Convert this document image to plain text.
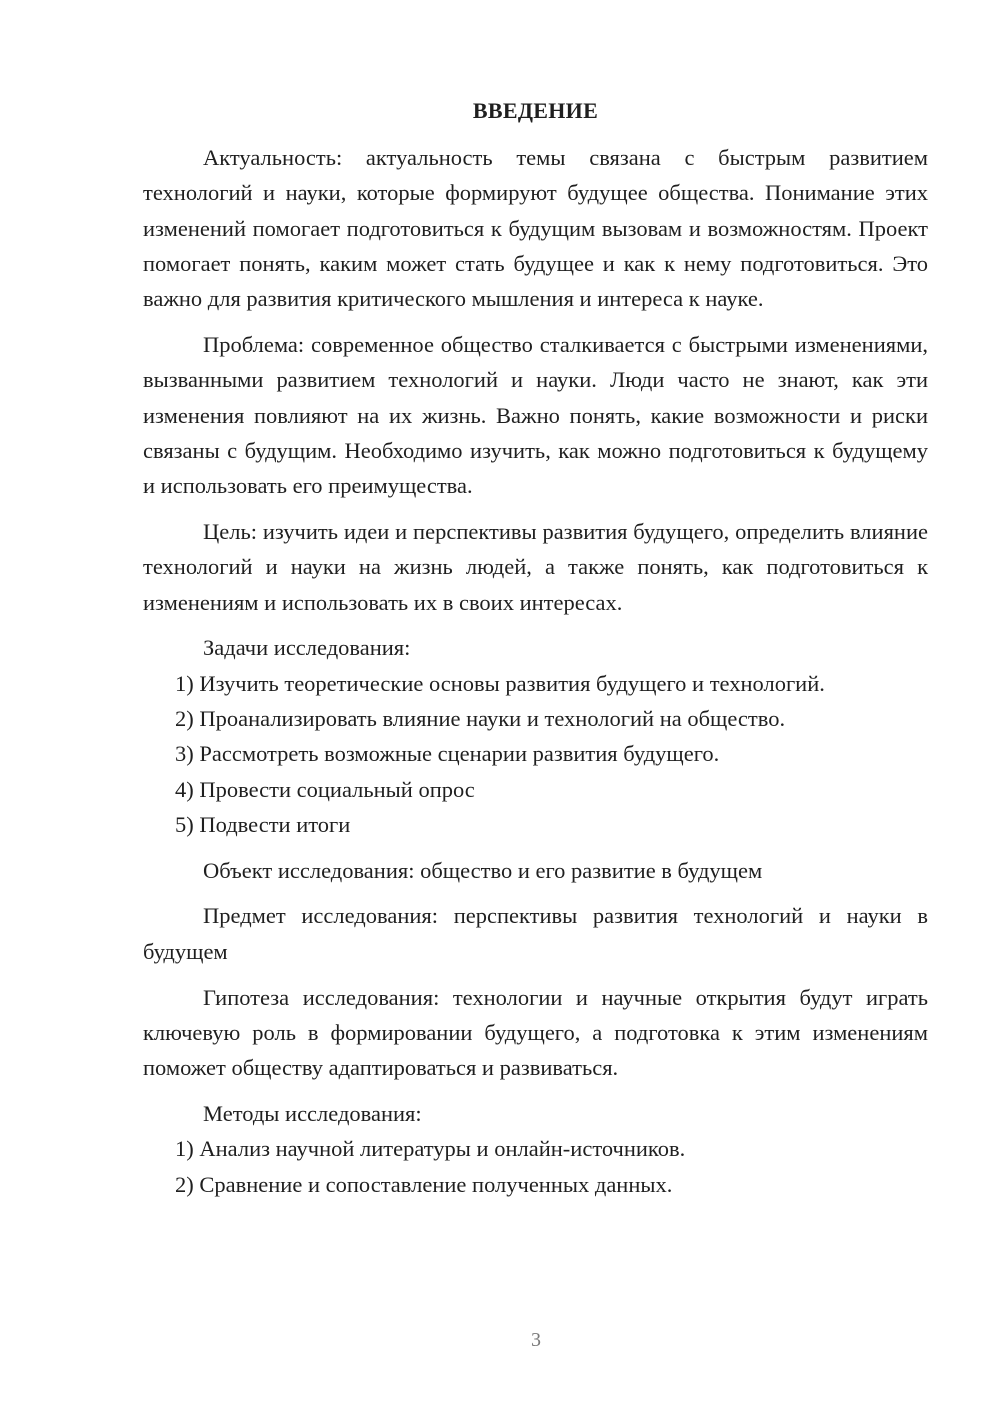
ВВЕДЕНИЕ

Актуальность: актуальность темы связана с быстрым развитием технологий и науки, которые формируют будущее общества. Понимание этих изменений помогает подготовиться к будущим вызовам и возможностям. Проект помогает понять, каким может стать будущее и как к нему подготовиться. Это важно для развития критического мышления и интереса к науке.

Проблема: современное общество сталкивается с быстрыми изменениями, вызванными развитием технологий и науки. Люди часто не знают, как эти изменения повлияют на их жизнь. Важно понять, какие возможности и риски связаны с будущим. Необходимо изучить, как можно подготовиться к будущему и использовать его преимущества.

Цель: изучить идеи и перспективы развития будущего, определить влияние технологий и науки на жизнь людей, а также понять, как подготовиться к изменениям и использовать их в своих интересах.

Задачи исследования:

1) Изучить теоретические основы развития будущего и технологий.

2) Проанализировать влияние науки и технологий на общество.

3) Рассмотреть возможные сценарии развития будущего.

4) Провести социальный опрос

5) Подвести итоги

Объект исследования: общество и его развитие в будущем

Предмет исследования: перспективы развития технологий и науки в будущем

Гипотеза исследования: технологии и научные открытия будут играть ключевую роль в формировании будущего, а подготовка к этим изменениям поможет обществу адаптироваться и развиваться.

Методы исследования:

1) Анализ научной литературы и онлайн-источников.

2) Сравнение и сопоставление полученных данных.

3
